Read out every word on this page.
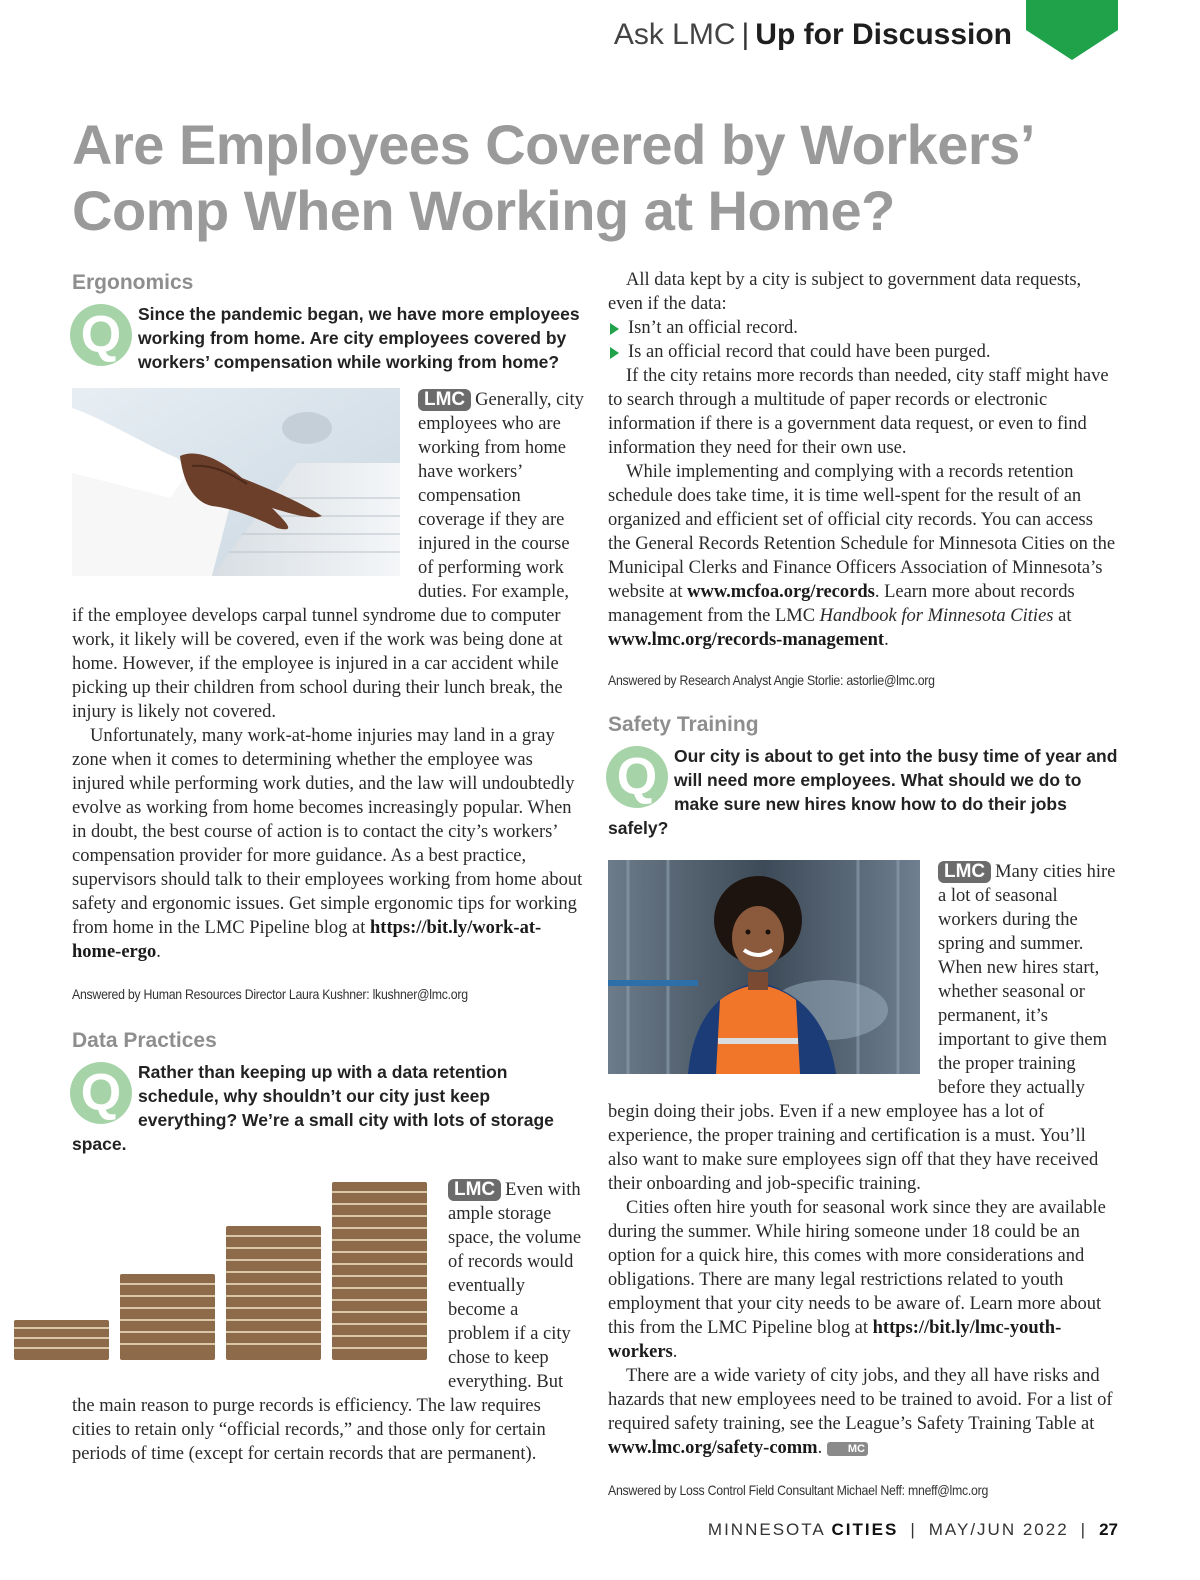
Ask LMC | Up for Discussion
Are Employees Covered by Workers’ Comp When Working at Home?
Ergonomics
Q Since the pandemic began, we have more employees working from home. Are city employees covered by workers’ compensation while working from home?

LMC Generally, city employees who are working from home have workers’ compensation coverage if they are injured in the course of performing work duties. For example, if the employee develops carpal tunnel syndrome due to computer work, it likely will be covered, even if the work was being done at home. However, if the employee is injured in a car accident while picking up their children from school during their lunch break, the injury is likely not covered.

Unfortunately, many work-at-home injuries may land in a gray zone when it comes to determining whether the employee was injured while performing work duties, and the law will undoubtedly evolve as working from home becomes increasingly popular. When in doubt, the best course of action is to contact the city’s workers’ compensation provider for more guidance. As a best practice, supervisors should talk to their employees working from home about safety and ergonomic issues. Get simple ergonomic tips for working from home in the LMC Pipeline blog at https://bit.ly/work-at-home-ergo.

Answered by Human Resources Director Laura Kushner: lkushner@lmc.org

Data Practices
Q Rather than keeping up with a data retention schedule, why shouldn’t our city just keep everything? We’re a small city with lots of storage space.

LMC Even with ample storage space, the volume of records would eventually become a problem if a city chose to keep everything. But the main reason to purge records is efficiency. The law requires cities to retain only “official records,” and those only for certain periods of time (except for certain records that are permanent).

All data kept by a city is subject to government data requests, even if the data:

Isn’t an official record.
Is an official record that could have been purged.

If the city retains more records than needed, city staff might have to search through a multitude of paper records or electronic information if there is a government data request, or even to find information they need for their own use.

While implementing and complying with a records retention schedule does take time, it is time well-spent for the result of an organized and efficient set of official city records. You can access the General Records Retention Schedule for Minnesota Cities on the Municipal Clerks and Finance Officers Association of Minnesota’s website at www.mcfoa.org/records. Learn more about records management from the LMC Handbook for Minnesota Cities at www.lmc.org/records-management.

Answered by Research Analyst Angie Storlie: astorlie@lmc.org

Safety Training
Q Our city is about to get into the busy time of year and will need more employees. What should we do to make sure new hires know how to do their jobs safely?

LMC Many cities hire a lot of seasonal workers during the spring and summer. When new hires start, whether seasonal or permanent, it’s important to give them the proper training before they actually begin doing their jobs. Even if a new employee has a lot of experience, the proper training and certification is a must. You’ll also want to make sure employees sign off that they have received their onboarding and job-specific training.

Cities often hire youth for seasonal work since they are available during the summer. While hiring someone under 18 could be an option for a quick hire, this comes with more considerations and obligations. There are many legal restrictions related to youth employment that your city needs to be aware of. Learn more about this from the LMC Pipeline blog at https://bit.ly/lmc-youth-workers.

There are a wide variety of city jobs, and they all have risks and hazards that new employees need to be trained to avoid. For a list of required safety training, see the League’s Safety Training Table at www.lmc.org/safety-comm. MC

Answered by Loss Control Field Consultant Michael Neff: mneff@lmc.org

MINNESOTA CITIES | MAY/JUN 2022 | 27
